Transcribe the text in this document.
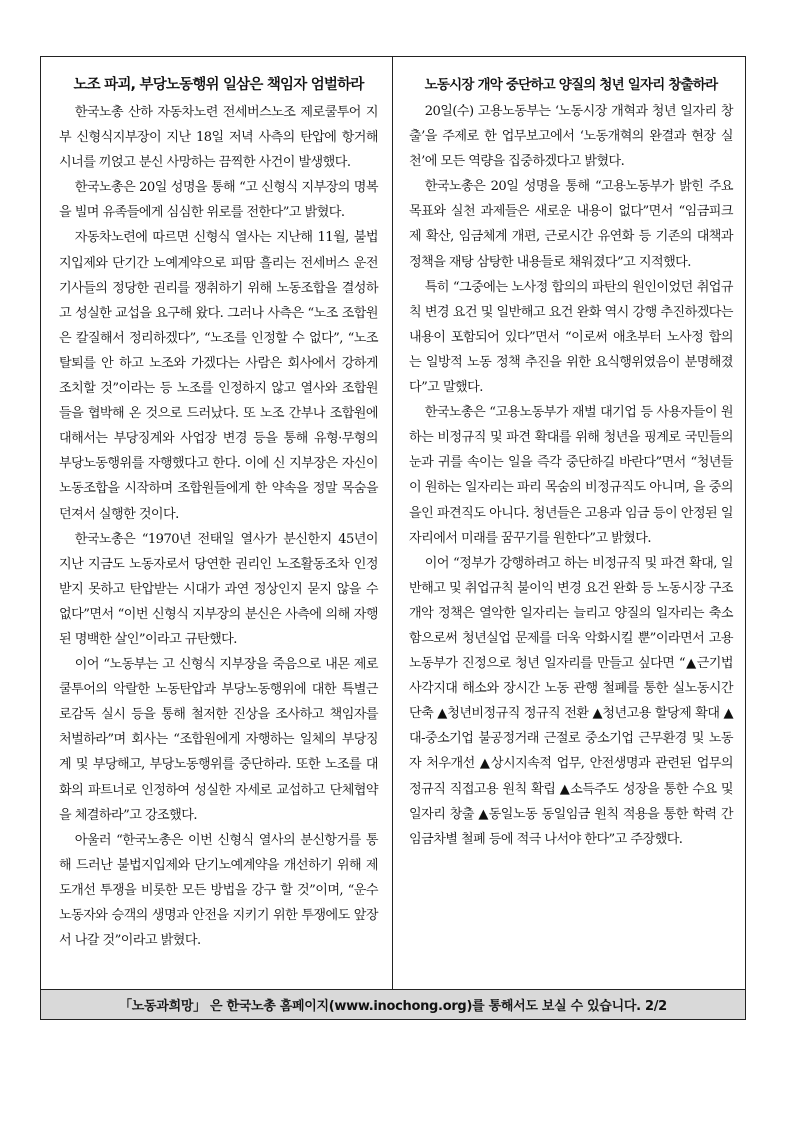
노조 파괴, 부당노동행위 일삼은 책임자 엄벌하라

한국노총 산하 자동차노련 전세버스노조 제로쿨투어 지부 신형식지부장이 지난 18일 저녁 사측의 탄압에 항거해 시너를 끼얹고 분신 사망하는 끔찍한 사건이 발생했다.

한국노총은 20일 성명을 통해 “고 신형식 지부장의 명복을 빌며 유족들에게 심심한 위로를 전한다”고 밝혔다.

자동차노련에 따르면 신형식 열사는 지난해 11월, 불법지입제와 단기간 노예계약으로 피땀 흘리는 전세버스 운전기사들의 정당한 권리를 쟁취하기 위해 노동조합을 결성하고 성실한 교섭을 요구해 왔다. 그러나 사측은 “노조 조합원은 칼질해서 정리하겠다”, “노조를 인정할 수 없다”, “노조 탈퇴를 안 하고 노조와 가겠다는 사람은 회사에서 강하게 조치할 것”이라는 등 노조를 인정하지 않고 열사와 조합원들을 협박해 온 것으로 드러났다. 또 노조 간부나 조합원에 대해서는 부당징계와 사업장 변경 등을 통해 유형·무형의 부당노동행위를 자행했다고 한다. 이에 신 지부장은 자신이 노동조합을 시작하며 조합원들에게 한 약속을 정말 목숨을 던져서 실행한 것이다.

한국노총은 “1970년 전태일 열사가 분신한지 45년이 지난 지금도 노동자로서 당연한 권리인 노조활동조차 인정받지 못하고 탄압받는 시대가 과연 정상인지 묻지 않을 수 없다”면서 “이번 신형식 지부장의 분신은 사측에 의해 자행된 명백한 살인”이라고 규탄했다.

이어 “노동부는 고 신형식 지부장을 죽음으로 내몬 제로쿨투어의 악랄한 노동탄압과 부당노동행위에 대한 특별근로감독 실시 등을 통해 철저한 진상을 조사하고 책임자를 처벌하라”며 회사는 “조합원에게 자행하는 일체의 부당징계 및 부당해고, 부당노동행위를 중단하라. 또한 노조를 대화의 파트너로 인정하여 성실한 자세로 교섭하고 단체협약을 체결하라”고 강조했다.

아울러 “한국노총은 이번 신형식 열사의 분신항거를 통해 드러난 불법지입제와 단기노예계약을 개선하기 위해 제도개선 투쟁을 비롯한 모든 방법을 강구 할 것”이며, “운수 노동자와 승객의 생명과 안전을 지키기 위한 투쟁에도 앞장 서 나갈 것”이라고 밝혔다.

노동시장 개악 중단하고 양질의 청년 일자리 창출하라

20일(수) 고용노동부는 ‘노동시장 개혁과 청년 일자리 창출’을 주제로 한 업무보고에서 ‘노동개혁의 완결과 현장 실천’에 모든 역량을 집중하겠다고 밝혔다.

한국노총은 20일 성명을 통해 “고용노동부가 밝힌 주요 목표와 실천 과제들은 새로운 내용이 없다”면서 “임금피크제 확산, 임금체계 개편, 근로시간 유연화 등 기존의 대책과 정책을 재탕 삼탕한 내용들로 채워졌다”고 지적했다.

특히 “그중에는 노사정 합의의 파탄의 원인이었던 취업규칙 변경 요건 및 일반해고 요건 완화 역시 강행 추진하겠다는 내용이 포함되어 있다”면서 “이로써 애초부터 노사정 합의는 일방적 노동 정책 추진을 위한 요식행위였음이 분명해졌다”고 말했다.

한국노총은 “고용노동부가 재벌 대기업 등 사용자들이 원하는 비정규직 및 파견 확대를 위해 청년을 핑계로 국민들의 눈과 귀를 속이는 일을 즉각 중단하길 바란다”면서 “청년들이 원하는 일자리는 파리 목숨의 비정규직도 아니며, 을 중의 을인 파견직도 아니다. 청년들은 고용과 임금 등이 안정된 일자리에서 미래를 꿈꾸기를 원한다”고 밝혔다.

이어 “정부가 강행하려고 하는 비정규직 및 파견 확대, 일반해고 및 취업규칙 불이익 변경 요건 완화 등 노동시장 구조개악 정책은 열악한 일자리는 늘리고 양질의 일자리는 축소함으로써 청년실업 문제를 더욱 악화시킬 뿐”이라면서 고용노동부가 진정으로 청년 일자리를 만들고 싶다면 “▲근기법 사각지대 해소와 장시간 노동 관행 철폐를 통한 실노동시간 단축 ▲청년비정규직 정규직 전환 ▲청년고용 할당제 확대 ▲대-중소기업 불공정거래 근절로 중소기업 근무환경 및 노동자 처우개선 ▲상시지속적 업무, 안전생명과 관련된 업무의 정규직 직접고용 원칙 확립 ▲소득주도 성장을 통한 수요 및 일자리 창출 ▲동일노동 동일임금 원칙 적용을 통한 학력 간 임금차별 철폐 등에 적극 나서야 한다”고 주장했다.

「노동과희망」 은 한국노총 홈페이지(www.inochong.org)를 통해서도 보실 수 있습니다. 2/2
